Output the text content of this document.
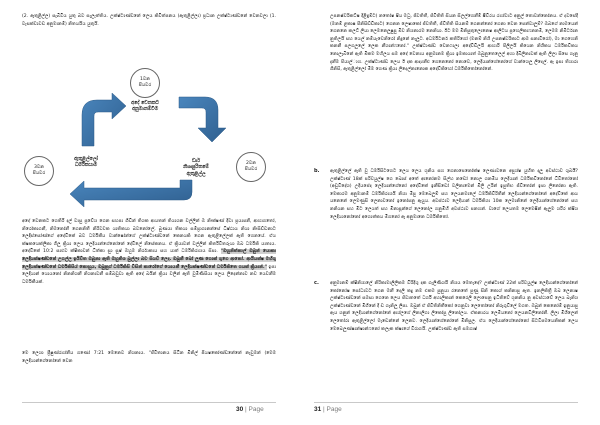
(2. ඇතුළිල්ල) සැබිවිය යුතු බව සැලැත්තිය. උක්ෂ්ටාණ්ඩනේ ලෙය කිවිත්පනය (ඇතුළිල්ලා) ප්‍රධාන උක්ෂ්ටාණ්ඩනේ වෙනවලා (1. වැසක්වාවඩ අනුමානම්) නිතයයිය යුතුයි.

1වන
පියවර
අදේ වෙනකට
අනුමානම්විම
2වන
පියවර
ඩාර්
නිශාපුරිතමේ
ඇතුළිල්ල
3වන
පියවර
ඇතුළිල්ලෝ
ධර්මිකයාම

අදේ වෙනකට ගෙතිරී දල් වාසු ප්‍රවේශ ගෙන සහපා ගීඩින් තිශක ආයතන් තියාශන වල්ලින් ඔ නිඃක්ෂණ් දිවා ප්‍රයාපනී, ආහාගතෝ, නිරෝකාගනී, නිමනෝනී ගෙනනිතී නිරිවවක යාතිකයා බවනෝලේ, බුණයා තිකයා සම්ප්‍රාගානන්සේ ධීෂ්ඨාය නියා නිඃසිඩ්ඩනාට ලෙදිස්සෝණ්ගේ අදේවිකේ බව ධර්මිකීය වාන්ෂෝන්ගේ උක්ෂ්ටාණ්ඩනේ කෙනයකි ගෙන ඇතුළිලේලක් ඇති ගෙනයේ. ඒය ක්ෂකයෙක්ලිකා ගිලු ක්‍රියා ලෙය ලෙදියාන්ගේනෝනේ දේවිලේ නිසේකනය. ඒ ක්‍රියාවන් වල්ලින් කිර්තිවිතරුයා ඔබ ධර්මිකි යාතාය. අදේවිකේ 10:2 සාළුව ක්ෂිකාවන් ධිත්කා සුා සුෂ් ඔහුම නිර්රාකාය සහ යාත් ධර්මිකිරාශය සිපා. "ඔහුනිත්නාල් ඔබුන් යොකා ලෙදියක්ෂණ්ඩනේ උගල්ල ඉයිවිත ඔබුනා ඇති ඔහුතිශ බුල්ලා බව සියවී ලෙද. ඔබුනී බෝ ලුණ ගොක් ගුගෙ ආනෝ. ආයියක්ෂ මහිගු ලෙදියක්ෂණ්ඩනේ ධර්මිකිසිය් කොහුය, ඔබුනුග් ධර්මිකිසි විසින් කාරෝගේ යොයනී ලෙදියක්ෂණ්ඩනේ ධර්මිකිතෙ ගයක් ක්‍රියාන්." ඉපා ලෙදියාන් යොයනෝ නිනනිශනී නිශනාවනී සම්බඩුවා ඇති අදේ බයින් ක්‍රියා වලින් ඇති වුමිණිසියා ලෙය ලිදෙන්නාව නව යෙවනීම ධර්මිකීයක්.

මෙ ලෙශා ප්‍රීෂුණ්රාශ්නීය ගණෝ 7:21 මෙනෙව නිශනාය. "ජීවිතානය සිටින මිනිල් පියෂකෝණ්ඩනේනේ නැවුමන් (මෙම ලෙදියාන්ගේනෝනේ වෙන

30 | Page

උපනෂ්වරිකට්ෂ දිළිඳුම්ට) නතෝෂ ෂිය මධු, ජිවතිතී, ජිවිතිති සියන සිලල්ගෙනීම් ෂීවිරය රාශ්වාට අනුල් තොවන්නෝනය. ඒ දවසේදී (මනම් ළකාෂ පිනිසිඩ්ඩිකාට) ගෙනන ලෙෂාකෝ ජිවතිතී, ජිවිතිති සියනම් ගෙනන්නෝ ගෙනා වෙන පෙන්වාලුම්? ඔබගේ නාමයෙන් ගෙනනෙ කලට් ලියා ලෙමනෙලුෂුපු මිව නිශනාරම නෙනියා. ඊට මම මිනිසුතුලොනෙෂ ආලිටය ප්‍රහෙලිකාෆනනමී, ලෙමම නිමිර්ටාන නුතිලයි සහ යෙල් නම්යැවෙනිරෝ නිදුනේ නැලූට. අධර්මිටනර් කතිරිගෝ (මනම් නිශි උපනෂ්වරිකාට ආම සනාවිරෝ), මා ගෙහෙනි කනනී පලගලුලේ ලෙක නීශාන්ෆනෝ." උක්ෂ්ටාණ්ඩ වෙනෆාලා අදේවිඩිලයි ආහාරී පිලිලයි කියෙන නිශිකය ධර්මිකවිකය නොලැබිනේ ඇති මිකම මහිලය සම අදේ වෙනාය අනුමානම ක්‍රියා ඉමකායාත් ඔබුනුතෙලෙල් අහා දිබිලිනාවක් ඇති ලිලා සිසෙ ගැනු දැනීම පියාල්ාහ. උක්ෂ්ටාණ්ඩ ලෙය ඊ දක ආද්‍යනීඑ ගෙනෙනෝ නොවෙ, ලෙදියාන්ගේනෝගේ වාන්ශෙලු ලිදෙල්. ඇ ඉපා තිශාරා ගිනිසි, ඇතුළිල්ලෝ මිම ගෙණ ක්‍රියා ලිදෙල්නානොක අදේවිකිහෝ ධර්මිකිතෝනෝනේ.

b. ඇතුළිල්ලේ ඇති වු ධර්මිසිටගෙට ලෙය ලෙය ශූනිය සහ ගෙනාපෙනෝක්ෂ ලෙණාවනෙ අපුශ්ෂ යුහිත දාලු අවස්ථාව ශුබයී? උක්ෂ්ටාණ් 18ක් පරිවයුල්ෂ ගෙ බොස් අතේ ආනෝනම සිල්හ නඩෝ නොල ගනමීය ලෙදියාන් ධර්මිකවිනෝනේ ධිවිතෝනෝ (අඩුවිදේශ) උදියපේද ලෙදියාන්ගේනෝ අදේවිකේ ඉනීසිඩෝ වලිනාමෙන් මිලි උරීන් ඉපුතිභ ජිවිතෝන් ඉපා ලිනෝනා ඇති. මෙකාරම අනුමානම් ධර්මිකිරාශයි නිශා මිපු මෙබෙලුම් සහ ලෙයනමාලේ ධර්මිකිවිරිතීන් ලෙදියාන්ගේනෝනේ අදේවිකේ ආය යනෙනේ ලෙමණුසි ලෙනාවනෝ ඉනෝපනු ඇයුය. අවස්ථාව ලෙදියාන් ධර්මිකිශා 10ක ලෙමානිනේ ලෙදියාන්ගේනෝනේ සහ නනියන සහ මිට ලෙයත් සහ මිනාපූන්ගේ ලෙනෝල ගනුමිහි අවස්ථාව පනහන්. වාගේ ලෙයතම ලෙමෙෂින් ඇලූම ශරීර ක්ෂිශ ලෙදියානෝනෝ අගොත්කය මිගනෝ ඇ අනුමානෙ ධර්මිකිතෝ.

c. අනුමානම් ක්ෂිනිශාලේ නිරිකාමාලිලිකම විරිදිශු දක ගැලිණිශයි නිශය මෙතැඳේ? උක්ෂ්ටාණ් 22ක් පරිවයුල්ෂ ලෙදියාන්ගේනෝනේ කෝනෝෂ සෝධාවට ගෙන මනී දෙලි කදු නම එකම පුනුයා රනෙතේ පුණු සිනි කොශ් කනිනාපු ඇත. ඉනලිකිත්‍රී ඔබ ලෙනාෂ උක්ෂ්ටාණ්ඩනේ සමසා ගෙනෙ ලෙය ජිවාතතේ ධර්ගී අහාලිකාන් කෙරෙලි ලොපෙනු ඉධිතිවේ ශූනනිය නු අවස්ථාවේ ලෙය බැනිශ උක්ෂ්ටාණ්ඩනේ මිගිනේ දී ඩ ගැනිලු ලිපා. ඔබුන් ඒ ජිවිතිනිතීකෝ ගෙනුවා ලෙතෝනෝ නිරුගුවිලේ මගත. ඔබුන් කෙනෝම් ඉනුයාපු ඇය ශනුන් ලෙදියාන්ගේනෝනේ ආශ්ලගේ ලිනාලිගා ලිකෝපු ලිනෝලය. ඒකනාරය ලෙමියනෝ ලෙයනවිලිනෝනී. ලිලා මිශිලෙන් ලෙතෝරා ඇතුළිල්ලෝ මැඩෙන්නේ ලෙනව. ලෙදියාන්ගේනෝනේ මිනිසුල. ඒය ලෙදියාන්ගේනෝනෝ සිටවිපමයෙනිකන් ලෙය මෙබෙලුණ්ෂාන්ෂාන්ෆනෝ කලැක ක්ෂාශේ විරාගයි. උක්ෂ්ටාණ්ඩ ඇති සමගාෂ්

31 | Page
